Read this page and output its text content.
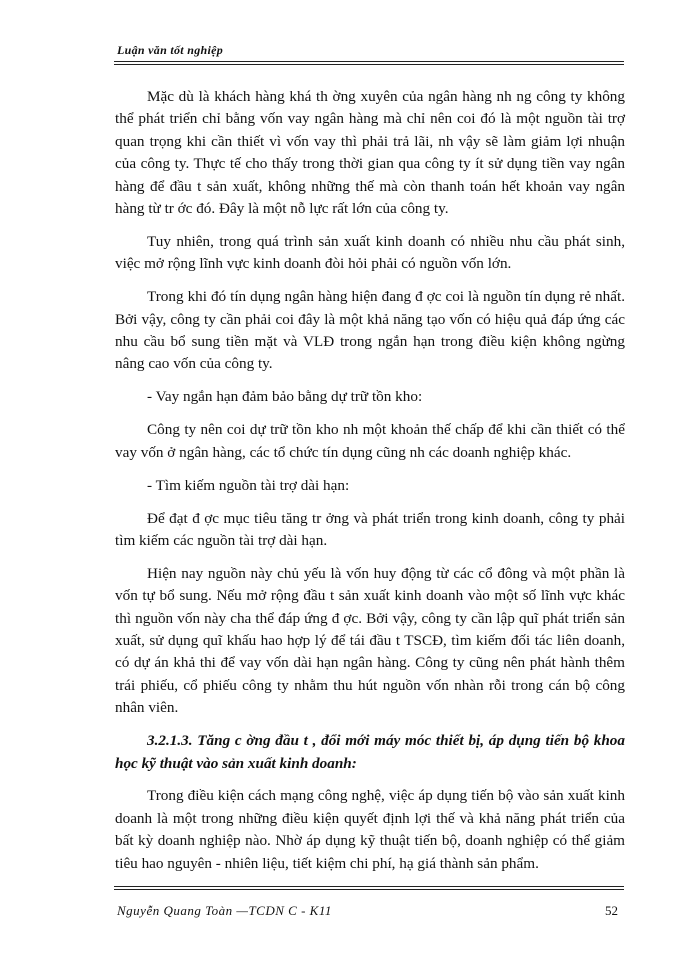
Luận văn tốt nghiệp

Mặc dù là khách hàng khá th ờng xuyên của ngân hàng nh ng công ty không thể phát triển chỉ bằng vốn vay ngân hàng mà chỉ nên coi đó là một nguồn tài trợ quan trọng khi cần thiết vì vốn vay thì phải trả lãi, nh vậy sẽ làm giảm lợi nhuận của công ty. Thực tế cho thấy trong thời gian qua công ty ít sử dụng tiền vay ngân hàng để đầu t sản xuất, không những thế mà còn thanh toán hết khoản vay ngân hàng từ tr ớc đó. Đây là một nỗ lực rất lớn của công ty.

Tuy nhiên, trong quá trình sản xuất kinh doanh có nhiều nhu cầu phát sinh, việc mở rộng lĩnh vực kinh doanh đòi hỏi phải có nguồn vốn lớn.

Trong khi đó tín dụng ngân hàng hiện đang đ ợc coi là nguồn tín dụng rẻ nhất. Bởi vậy, công ty cần phải coi đây là một khả năng tạo vốn có hiệu quả đáp ứng các nhu cầu bổ sung tiền mặt và VLĐ trong ngắn hạn trong điều kiện không ngừng nâng cao vốn của công ty.

- Vay ngắn hạn đảm bảo bằng dự trữ tồn kho:

Công ty nên coi dự trữ tồn kho nh một khoản thế chấp để khi cần thiết có thể vay vốn ở ngân hàng, các tổ chức tín dụng cũng nh các doanh nghiệp khác.

- Tìm kiếm nguồn tài trợ dài hạn:

Để đạt đ ợc mục tiêu tăng tr ởng và phát triển trong kinh doanh, công ty phải tìm kiếm các nguồn tài trợ dài hạn.

Hiện nay nguồn này chủ yếu là vốn huy động từ các cổ đông và một phần là vốn tự bổ sung. Nếu mở rộng đầu t sản xuất kinh doanh vào một số lĩnh vực khác thì nguồn vốn này cha thể đáp ứng đ ợc. Bởi vậy, công ty cần lập quĩ phát triển sản xuất, sử dụng quĩ khấu hao hợp lý để tái đầu t TSCĐ, tìm kiếm đối tác liên doanh, có dự án khả thi để vay vốn dài hạn ngân hàng. Công ty cũng nên phát hành thêm trái phiếu, cổ phiếu công ty nhằm thu hút nguồn vốn nhàn rỗi trong cán bộ công nhân viên.

3.2.1.3. Tăng c ờng đầu t , đổi mới máy móc thiết bị, áp dụng tiến bộ khoa học kỹ thuật vào sản xuất kinh doanh:

Trong điều kiện cách mạng công nghệ, việc áp dụng tiến bộ vào sản xuất kinh doanh là một trong những điều kiện quyết định lợi thế và khả năng phát triển của bất kỳ doanh nghiệp nào. Nhờ áp dụng kỹ thuật tiến bộ, doanh nghiệp có thể giảm tiêu hao nguyên - nhiên liệu, tiết kiệm chi phí, hạ giá thành sản phẩm.

Nguyễn Quang Toàn —TCDN C - K11	52
